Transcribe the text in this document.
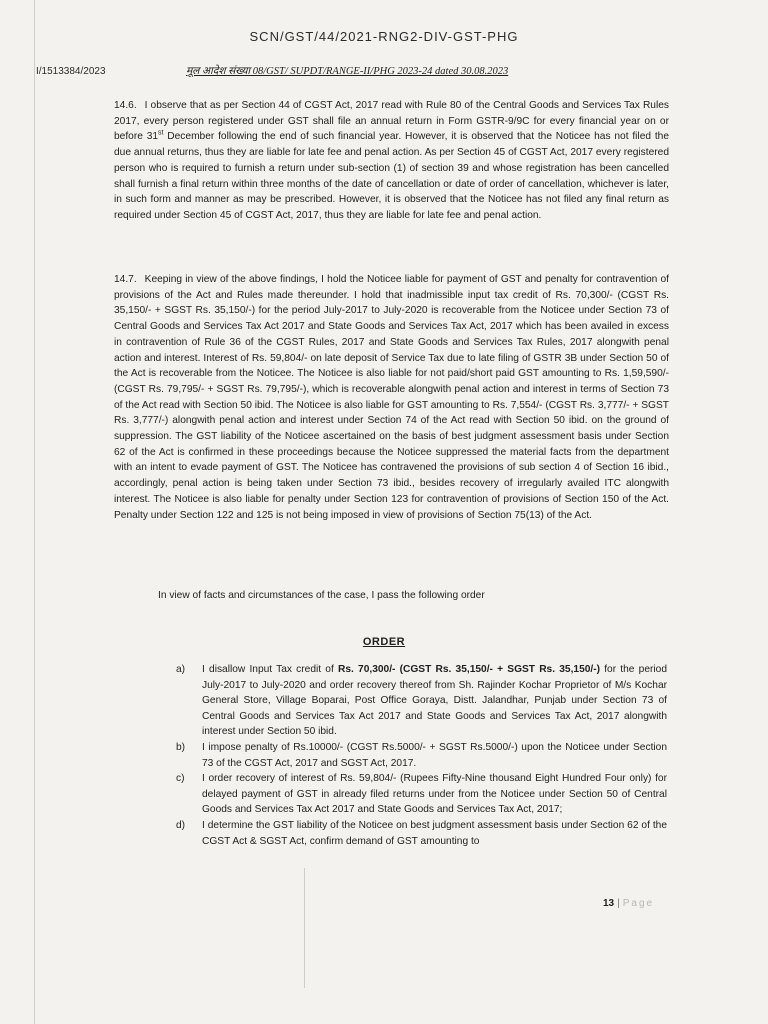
SCN/GST/44/2021-RNG2-DIV-GST-PHG
I/1513384/2023	मूल आदेश संख्या 08/GST/ SUPDT/RANGE-II/PHG 2023-24 dated 30.08.2023

14.6. I observe that as per Section 44 of CGST Act, 2017 read with Rule 80 of the Central Goods and Services Tax Rules 2017, every person registered under GST shall file an annual return in Form GSTR-9/9C for every financial year on or before 31st December following the end of such financial year. However, it is observed that the Noticee has not filed the due annual returns, thus they are liable for late fee and penal action. As per Section 45 of CGST Act, 2017 every registered person who is required to furnish a return under sub-section (1) of section 39 and whose registration has been cancelled shall furnish a final return within three months of the date of cancellation or date of order of cancellation, whichever is later, in such form and manner as may be prescribed. However, it is observed that the Noticee has not filed any final return as required under Section 45 of CGST Act, 2017, thus they are liable for late fee and penal action.

14.7. Keeping in view of the above findings, I hold the Noticee liable for payment of GST and penalty for contravention of provisions of the Act and Rules made thereunder. I hold that inadmissible input tax credit of Rs. 70,300/- (CGST Rs. 35,150/- + SGST Rs. 35,150/-) for the period July-2017 to July-2020 is recoverable from the Noticee under Section 73 of Central Goods and Services Tax Act 2017 and State Goods and Services Tax Act, 2017 which has been availed in excess in contravention of Rule 36 of the CGST Rules, 2017 and State Goods and Services Tax Rules, 2017 alongwith penal action and interest. Interest of Rs. 59,804/- on late deposit of Service Tax due to late filing of GSTR 3B under Section 50 of the Act is recoverable from the Noticee. The Noticee is also liable for not paid/short paid GST amounting to Rs. 1,59,590/- (CGST Rs. 79,795/- + SGST Rs. 79,795/-), which is recoverable alongwith penal action and interest in terms of Section 73 of the Act read with Section 50 ibid. The Noticee is also liable for GST amounting to Rs. 7,554/- (CGST Rs. 3,777/- + SGST Rs. 3,777/-) alongwith penal action and interest under Section 74 of the Act read with Section 50 ibid. on the ground of suppression. The GST liability of the Noticee ascertained on the basis of best judgment assessment basis under Section 62 of the Act is confirmed in these proceedings because the Noticee suppressed the material facts from the department with an intent to evade payment of GST. The Noticee has contravened the provisions of sub section 4 of Section 16 ibid., accordingly, penal action is being taken under Section 73 ibid., besides recovery of irregularly availed ITC alongwith interest. The Noticee is also liable for penalty under Section 123 for contravention of provisions of Section 150 of the Act. Penalty under Section 122 and 125 is not being imposed in view of provisions of Section 75(13) of the Act.

In view of facts and circumstances of the case, I pass the following order
ORDER
a) I disallow Input Tax credit of Rs. 70,300/- (CGST Rs. 35,150/- + SGST Rs. 35,150/-) for the period July-2017 to July-2020 and order recovery thereof from Sh. Rajinder Kochar Proprietor of M/s Kochar General Store, Village Boparai, Post Office Goraya, Distt. Jalandhar, Punjab under Section 73 of Central Goods and Services Tax Act 2017 and State Goods and Services Tax Act, 2017 alongwith interest under Section 50 ibid.
b) I impose penalty of Rs.10000/- (CGST Rs.5000/- + SGST Rs.5000/-) upon the Noticee under Section 73 of the CGST Act, 2017 and SGST Act, 2017.
c) I order recovery of interest of Rs. 59,804/- (Rupees Fifty-Nine thousand Eight Hundred Four only) for delayed payment of GST in already filed returns under from the Noticee under Section 50 of Central Goods and Services Tax Act 2017 and State Goods and Services Tax Act, 2017;
d) I determine the GST liability of the Noticee on best judgment assessment basis under Section 62 of the CGST Act & SGST Act, confirm demand of GST amounting to
13 | Page
